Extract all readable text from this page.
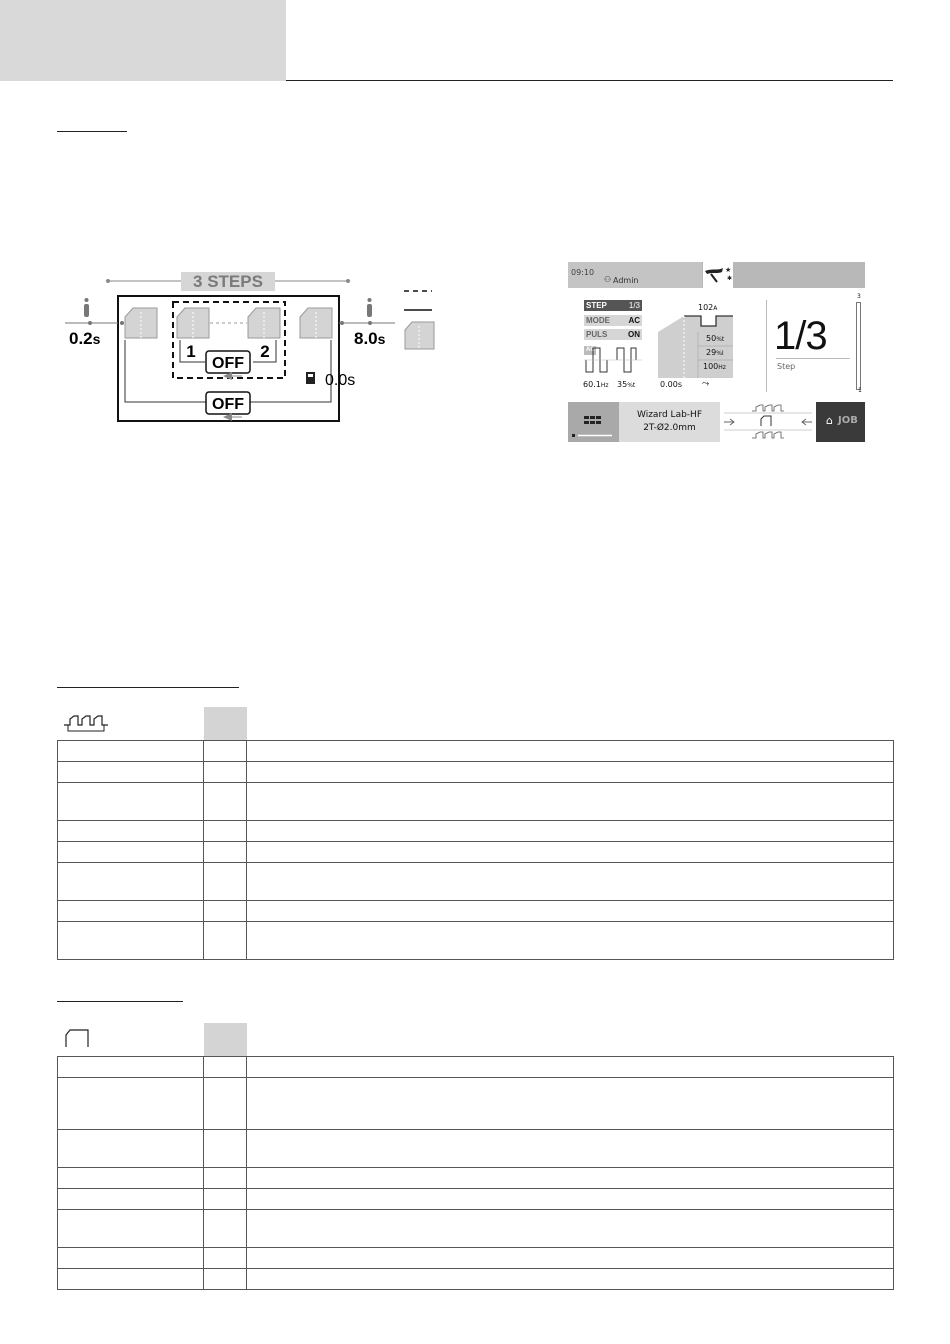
3 STEPS
0.2s	8.0s
1	2
OFF
OFF
0.0s
09:10
⚇ Admin
★
✱
STEP	1/3
MODE AC
PULS	ON
AC
60.1Hz 35%t
102A
50%t
29%I
100Hz
0.00s ⤳
1/3
Step
3
1
Wizard Lab-HF
2T-Ø2.0mm
⌂ JOB
